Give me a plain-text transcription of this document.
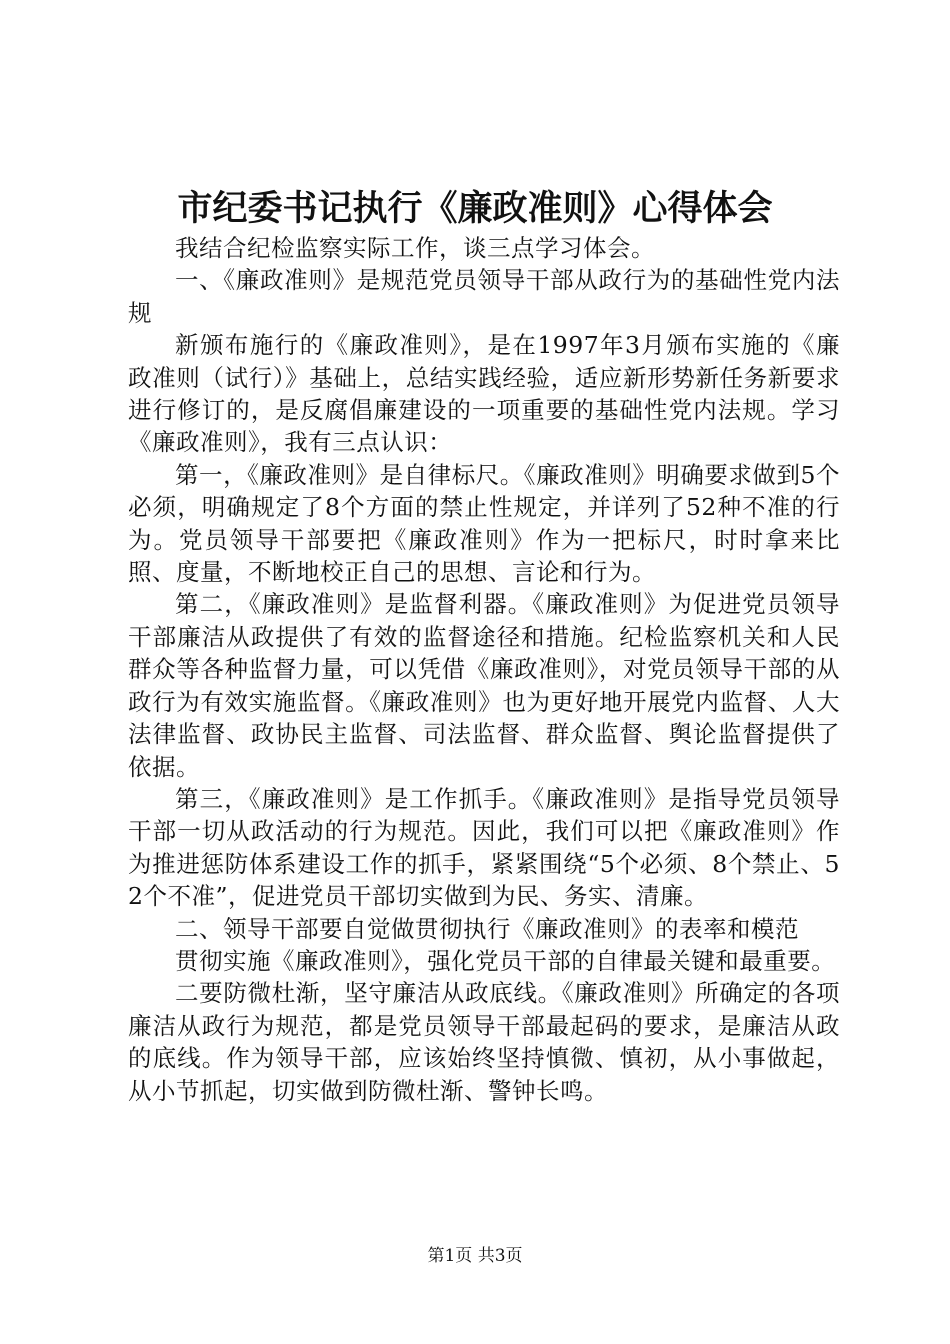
市纪委书记执行《廉政准则》心得体会

我结合纪检监察实际工作，谈三点学习体会。

一、《廉政准则》是规范党员领导干部从政行为的基础性党内法规

新颁布施行的《廉政准则》，是在1997年3月颁布实施的《廉政准则（试行）》基础上，总结实践经验，适应新形势新任务新要求进行修订的，是反腐倡廉建设的一项重要的基础性党内法规。学习《廉政准则》，我有三点认识：

第一，《廉政准则》是自律标尺。《廉政准则》明确要求做到5个必须，明确规定了8个方面的禁止性规定，并详列了52种不准的行为。党员领导干部要把《廉政准则》作为一把标尺，时时拿来比照、度量，不断地校正自己的思想、言论和行为。

第二，《廉政准则》是监督利器。《廉政准则》为促进党员领导干部廉洁从政提供了有效的监督途径和措施。纪检监察机关和人民群众等各种监督力量，可以凭借《廉政准则》，对党员领导干部的从政行为有效实施监督。《廉政准则》也为更好地开展党内监督、人大法律监督、政协民主监督、司法监督、群众监督、舆论监督提供了依据。

第三，《廉政准则》是工作抓手。《廉政准则》是指导党员领导干部一切从政活动的行为规范。因此，我们可以把《廉政准则》作为推进惩防体系建设工作的抓手，紧紧围绕“5个必须、8个禁止、52个不准”，促进党员干部切实做到为民、务实、清廉。

二、领导干部要自觉做贯彻执行《廉政准则》的表率和模范

贯彻实施《廉政准则》，强化党员干部的自律最关键和最重要。

二要防微杜渐，坚守廉洁从政底线。《廉政准则》所确定的各项廉洁从政行为规范，都是党员领导干部最起码的要求，是廉洁从政的底线。作为领导干部，应该始终坚持慎微、慎初，从小事做起，从小节抓起，切实做到防微杜渐、警钟长鸣。

第1页 共3页
